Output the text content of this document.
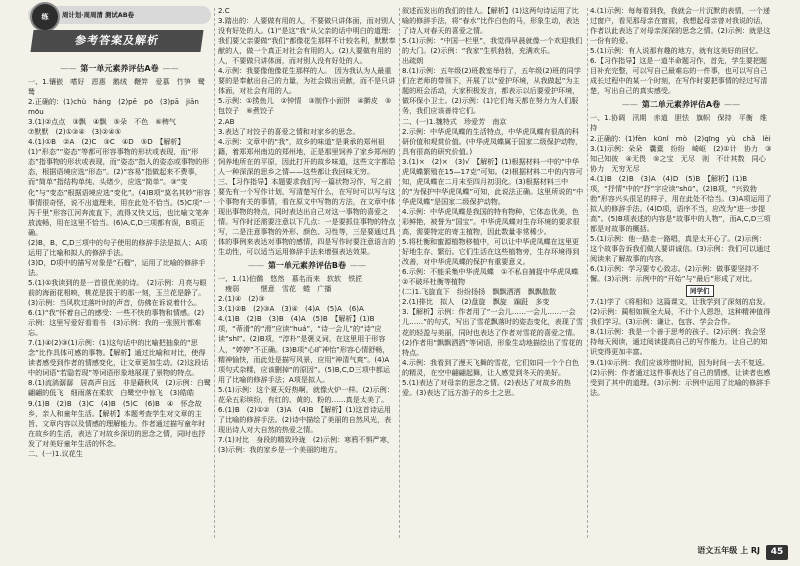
周计划·周周清 测试AB卷
练
参考答案及解析
—— 第一单元素养评估A卷 ——

一、1.镶嵌　嗜好　恩惠　鹅绒　鞭笄　爱慕　竹笋　鹭鸶

2.正确的：(1)chù　háng　(2)pē　pō　(3)pā　jiān　mōu

3.(1)②点点　③飘　④飘　⑤朵　不色　⑥稗气

⑦默默　(2)①③④　(3)②④⑤

4.(1)①B　②A　(2)C　③C　④D　⑤D　【解析】

(1)“形态”“姿态”等都可形容事物的形状或表现，而“形态”指事物的形状或表现，而“姿态”指人的姿态或事物的形态，根据语境应选“形态”。(2)“容易”指做起来不费事，而“简单”指结构单纯、头绪少，应选“简单”。③“变化”与“变态”根据语境应选“变化”。(4)B项“莫名其妙”形容事情很奇怪，说不出道理来，用在此处不恰当。(5)C项“一泻千里”形容江河奔流直下，流得又快又远，也比喻文笔奔放流畅，用在这里不恰当。(6)A,C,D三项都有误，B项正确。

(2)B，B、C,D三项中的句子使用的修辞手法是拟人；A项运用了比喻和拟人的修辞手法。

(3)D，D项中的描写对象是“石榴”，运用了比喻的修辞手法。

5.(1)①我读到的是一首很优美的诗。　(2)示例：月亮与眼前的海面花相映，桃花是拔于的那一刻，玉兰花是静了。　(3)示例：当风吹过落叶时的声音，仿佛在诉说着什么。

6.(1)“我”怀着自己的感受：一些不快的事物和情感。(2)示例：这里写爱好看看书　(3)示例：我的一张照片都难忘。

7.(1)④(2)③(1)示例：(1)这句话中的比喻把抽象的“思念”比作具体可感的事物。【解析】通过比喻和对比，使得读者感受到作者的情感变化，让文章更加生动。(2)这段话中的词语“若隐若现”等词语形象地展现了景物的特点。

8.(1)流淌潺潺　居高声自远　非是藉秋风　(2)示例：白鹭翩翩的低飞　细雨落在柔软　白鹭空中惊飞　(3)皓皓

9.(1)B　(2)B　(3)C　(4)B　(5)C　(6)B　④　怀念故乡，亲人和童年生活。【解析】本题考查学生对文章的主旨、文章内容以及情感的理解能力。作者通过描写童年时在故乡的生活，表达了对故乡深切的思念之情，同时也抒发了对美好童年生活的怀念。

二、(一)1.议花生

2.C

3.踏出的：人要做有用的人，不要做只讲体面，而对别人没有好处的人。(1)“是这”我“从父亲的话中明白的道理：我们要父亲要做“我们”都像花生那样不计较名利，默默奉献的人，做一个真正对社会有用的人。(2)人要做有用的人，不要做只讲体面，而对别人没有好处的人。

4.示例：我要像他像花生那样的人。　因为我认为人最重要的是奉献出自己的力量，为社会做出贡献，而不是只讲体面，对社会有用的人。

5.示例：①捞鱼儿　②钟情　③制作小面饼　④擀皮　⑤包饺子　⑥煮饺子

2.AB

3.表达了对饺子的喜爱之情和对家乡的思念。

4.示例：文章中的“我”，故乡的味道”是秉承的郑州祖籍，着郑郑州南边的郑州地，正是那里饲养了家乡郑州的饲养地所在的平原，因此打开的故乡味道，这些文字都给人一种深深的思乡之情——这些都让我回味无穷。

三、【习作指导】本题要求我们写一篇状物习作，写之前要先有一个写作计划，写清楚写什么，在写时可以写与这个事物有关的事情，看在原文中写物的方法，在文章中体现出事物的特点，同时表达出自己对这一事物的喜爱之情。写作时还需要注意以下几点：一是要抓住事物的特点写，二是注意事物的外形、颜色、习性等，三是要通过具体的事例来表达对事物的感情，四是写作时要注意语言的生动性，可以适当运用修辞手法来增强表达效果。

—— 第一单元素养评估B卷 ——

一、1.(1)伯鹡　悠然　慕名而来　软软　铁匠

　瘦弱　　　惬意　雪花　蜷　广播

2.(1)④　(2)③

3.(1)②B　(2)③A　(3)④　(4)A　(5)A　(6)A

4.(1)B　(2)B　(3)B　(4)A　(5)B　【解析】(1)B项，“蒂滑”的“滑”应读“huá”，“诗一会儿”的“诗”应读“shī”。(2)B项，“淳朴”是褒义词，在这里用于形容人，“婷婷”不正确。(3)B项“心旷神怡”形容心情舒畅，精神愉快，而此处是描写风景，应用“神清气爽”。(4)A项句式杂糅，应该删掉“的原因”。(5)B,C,D三项中都运用了比喻的修辞手法；A项是拟人。

5.(1)示例：这个夏天好热啊，就像火炉一样。(2)示例：花朵五彩缤纷，有红的、黄的、粉的……真是太美了。

6.(1)B　(2)①②　(3)A　(4)B　【解析】(1)这首诗运用了比喻的修辞手法。(2)诗中描绘了美丽的自然风光，表现出诗人对大自然的热爱之情。

7.(1)对比　身段的精致玲珑　(2)示例：寒鸦不惧严寒，(3)示例：我的家乡是一个美丽的地方。

叙述而发出的我们的佳人。【解析】(1)这两句诗运用了比喻的修辞手法，将“春水”比作白色的马，形象生动，表达了诗人对春天的喜爱之情。

5.(1)示例：“中国一栏里”，我觉得早晨就像一个欢迎我们的大门。(2)示例：“我家”生机勃勃，充满欢乐。

出疏朗

8.(1)示例：五年级(2)班教室举行了，五年级(2)班的同学们在老师的带领下，开展了以“爱护环境，从我做起”为主题的班会活动，大家积极发言，都表示以后要爱护环境，做环保小卫士。(2)示例：(1)它们每天都在努力为人们服务，我们应该善待它们。

二、(一)1.魏特式　珍爱芳　南京

2.示例：中华虎凤蝶的生活特点，中华虎凤蝶有很高的科研价值和观赏价值。(中华虎凤蝶属于国家二级保护动物，具有很高的研究价值。)

3.(1)×　(2)×　(3)√　【解析】(1)根据材料一中的“中华虎凤蝶繁殖在15—17克”可知。(2)根据材料二中的内容可知，虎凤蝶在二月末至四月初羽化。(3)根据材料三中的“为保护中华虎凤蝶”可知，此说法正确。这里所说的“中华虎凤蝶”是国家二级保护动物。

4.示例：中华虎凤蝶是我国的特有物种，它体态优美，色彩鲜艳，被誉为“国宝”。中华虎凤蝶对生存环境的要求很高，需要特定的寄主植物，因此数量非常稀少。

5.将杜衡和蜜源植物移植中，可以让中华虎凤蝶在这里更好地生存、繁衍。它们生活在这些植物旁，生存环境得到改善，对中华虎凤蝶的保护有重要意义。

6.示例：不能采集中华虎凤蝶　①不私自捕捉中华虎凤蝶　②不破坏杜衡等植物

(二)1.飞旋直下　纷纷扬扬　飘飘洒洒　飘飘散散

2.(1)排比　拟人　(2)盘旋　飘旋　蹁跹　多变

3.【解析】示例：作者用了“一会儿……一会儿……一会儿……”的句式，写出了雪花飘落时的姿态变化，表现了雪花的轻盈与美丽，同时也表达了作者对雪花的喜爱之情。(2)作者用“飘飘洒洒”等词语，形象生动地描绘出了雪花的特点。

4.示例：我看到了漫天飞舞的雪花，它们如同一个个白色的精灵，在空中翩翩起舞，让人感觉到冬天的美好。

5.(1)表达了对母亲的思念之情。(2)表达了对故乡的热爱。(3)表达了远方游子的乡土之思。

4.(1)示例：每每看到我，我就会一片沉默的表情，一个递过窗户，看见那母亲在窗前，我想起母亲曾对我说的话，作者以此表达了对母亲深深的思念之情。(2)示例：就是这一份有的爱。

5.(1)示例：有人说那有趣的地方，就有这美好的回忆。

6.【习作指导】这是一道半命题习作，首先，学生要把题目补充完整，可以写自己最难忘的一件事，也可以写自己成长过程中的某一个时刻，在写作时要把事情的经过写清楚，写出自己的真实感受。

—— 第二单元素养评估A卷 ——

一、1.协调　汛期　赤道　胆怯　旗帜　保持　平衡　维持

2.正确的：(1)fèn　kūnl　mò　(2)qīng　yù　chǎ　lèi

3.(1)示例：朵朵　囊橐　纷纷　崎岖　(2)①计　协力　③知己知彼　④无畏　⑤之宝　无尽　则　不计其数　同心协力　无穷无尽

4.(1)B　(2)B　(3)A　(4)D　(5)B　【解析】(1)B项，“抒情”中的“抒”字应读“shū”。(2)B项，“兴致勃勃”形容兴头很足的样子，用在此处不恰当。(3)A项运用了拟人的修辞手法。(4)D项，语序不当，应改为“进一步提高”。(5)B项表述的内容是“故事中的人物”，而A,C,D三项都是对故事的概括。

5.(1)示例：他一路走一路唱，真是太开心了。(2)示例：这个故事告诉我们做人要讲诚信。(3)示例：我们可以通过阅读来了解故事的内容。

6.(1)示例：学习要专心致志。(2)示例：做事要坚持不懈。(3)示例：示例中的“开始”与“最后”形成了对比。

同学们

7.(1)学了《将相和》这篇课文，让我学到了深刻的启发。(2)示例：蔺相如顾全大局，不计个人恩怨，这种精神值得我们学习。(3)示例：谦让、包容、学会合作。

8.(1)示例：我是一个善于思考的孩子。(2)示例：我会坚持每天阅读，通过阅读提高自己的写作能力，让自己的知识变得更加丰富。

9.(1)①示例：我们应该珍惜时间，因为时间一去不复返。(2)示例：作者通过这件事表达了自己的情感，让读者也感受到了其中的道理。(3)示例：示例中运用了比喻的修辞手法。

语文五年级 上 RJ	45
